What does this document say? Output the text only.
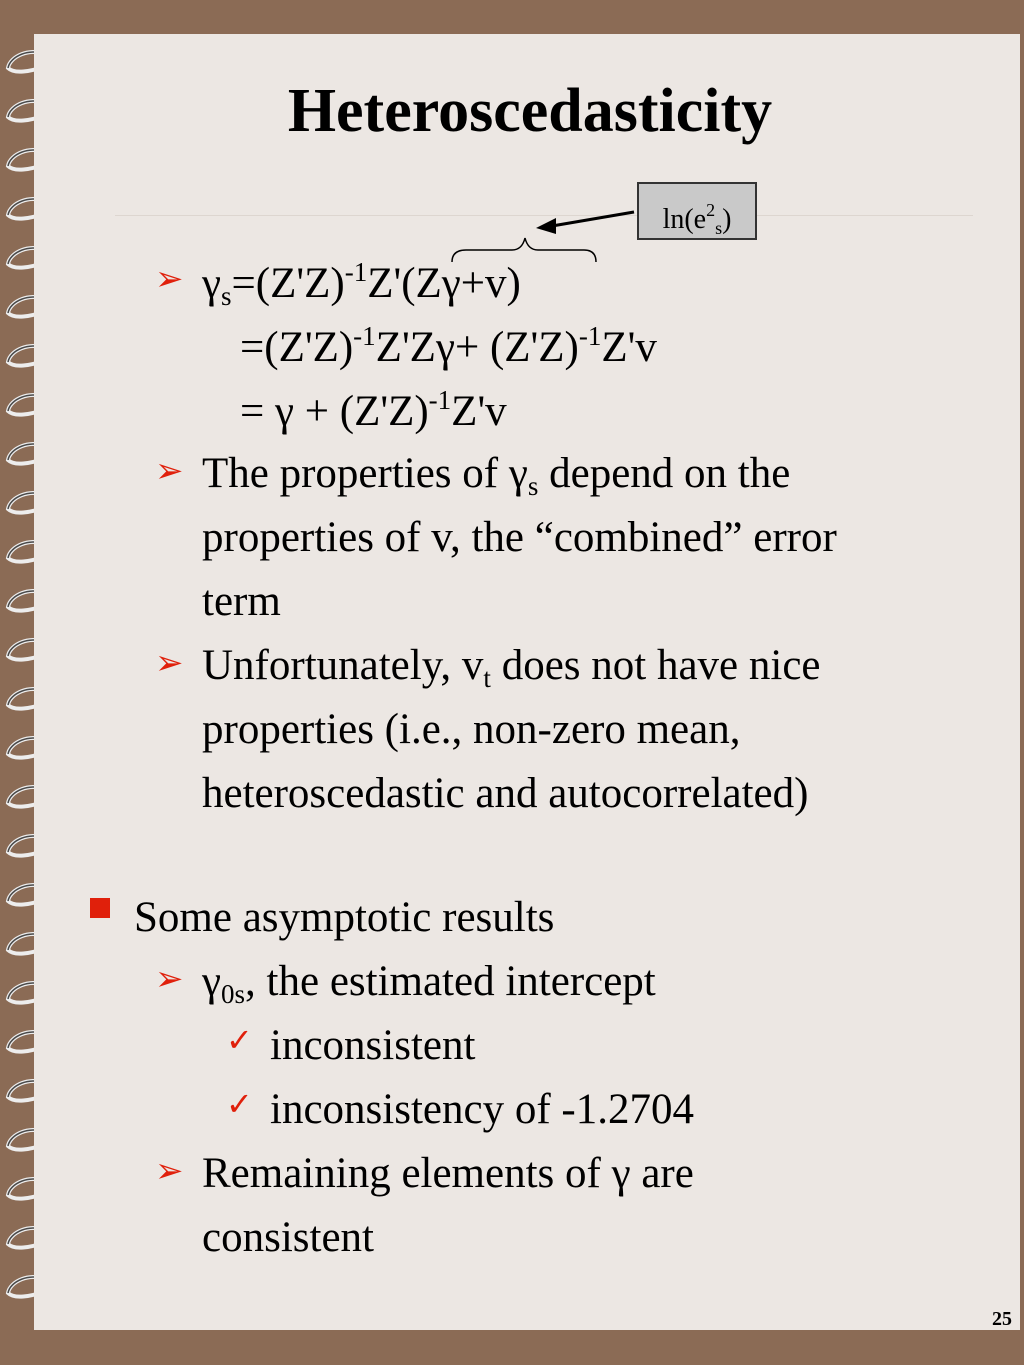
Heteroscedasticity
$\ln(e^2_s)$
➢ $\gamma_s=(Z'Z)^{-1}Z'(Z\gamma+v)$
$=(Z'Z)^{-1}Z'Z\gamma+ (Z'Z)^{-1}Z'v$
= $\gamma + (Z'Z)^{-1}Z'v$
➢ The properties of $\gamma_s$ depend on the
properties of v, the “combined” error
term
➢ Unfortunately, $v_t$ does not have nice
properties (i.e., non-zero mean,
heteroscedastic and autocorrelated)
Some asymptotic results
➢ $\gamma_{0s}$, the estimated intercept
✓ inconsistent
✓ inconsistency of -1.2704
➢ Remaining elements of γ are
consistent
25
